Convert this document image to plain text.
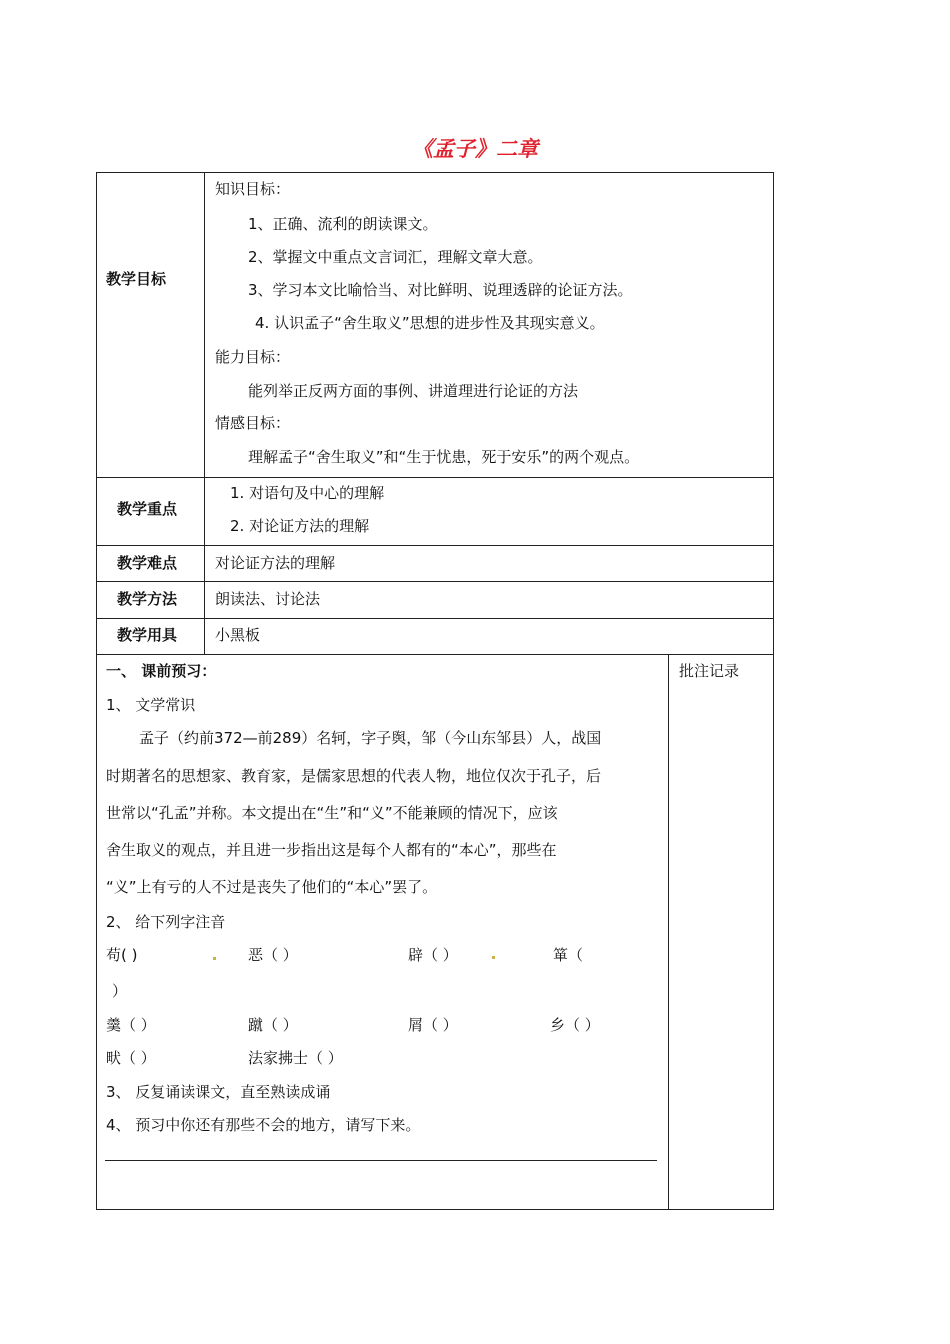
《孟子》二章
教学目标
知识目标：
1、正确、流利的朗读课文。
2、掌握文中重点文言词汇，理解文章大意。
3、学习本文比喻恰当、对比鲜明、说理透辟的论证方法。
4. 认识孟子“舍生取义”思想的进步性及其现实意义。
能力目标：
能列举正反两方面的事例、讲道理进行论证的方法
情感目标：
理解孟子“舍生取义”和“生于忧患，死于安乐”的两个观点。
教学重点
1. 对语句及中心的理解
2. 对论证方法的理解
教学难点	对论证方法的理解
教学方法	朗读法、讨论法
教学用具	小黑板
一、 课前预习：	批注记录
1、 文学常识
孟子（约前372—前289）名轲，字子舆，邹（今山东邹县）人，战国
时期著名的思想家、教育家，是儒家思想的代表人物，地位仅次于孔子，后
世常以“孔孟”并称。本文提出在“生”和“义”不能兼顾的情况下，应该
舍生取义的观点，并且进一步指出这是每个人都有的“本心”，那些在
“义”上有亏的人不过是丧失了他们的“本心”罢了。
2、 给下列字注音
苟( )	恶（ ）	辟（ ）	箪（
）
羹（ ）	蹴（ ）	屑（ ）	乡（ ）
畎（ ）	法家拂士（ ）
3、 反复诵读课文，直至熟读成诵
4、 预习中你还有那些不会的地方，请写下来。
